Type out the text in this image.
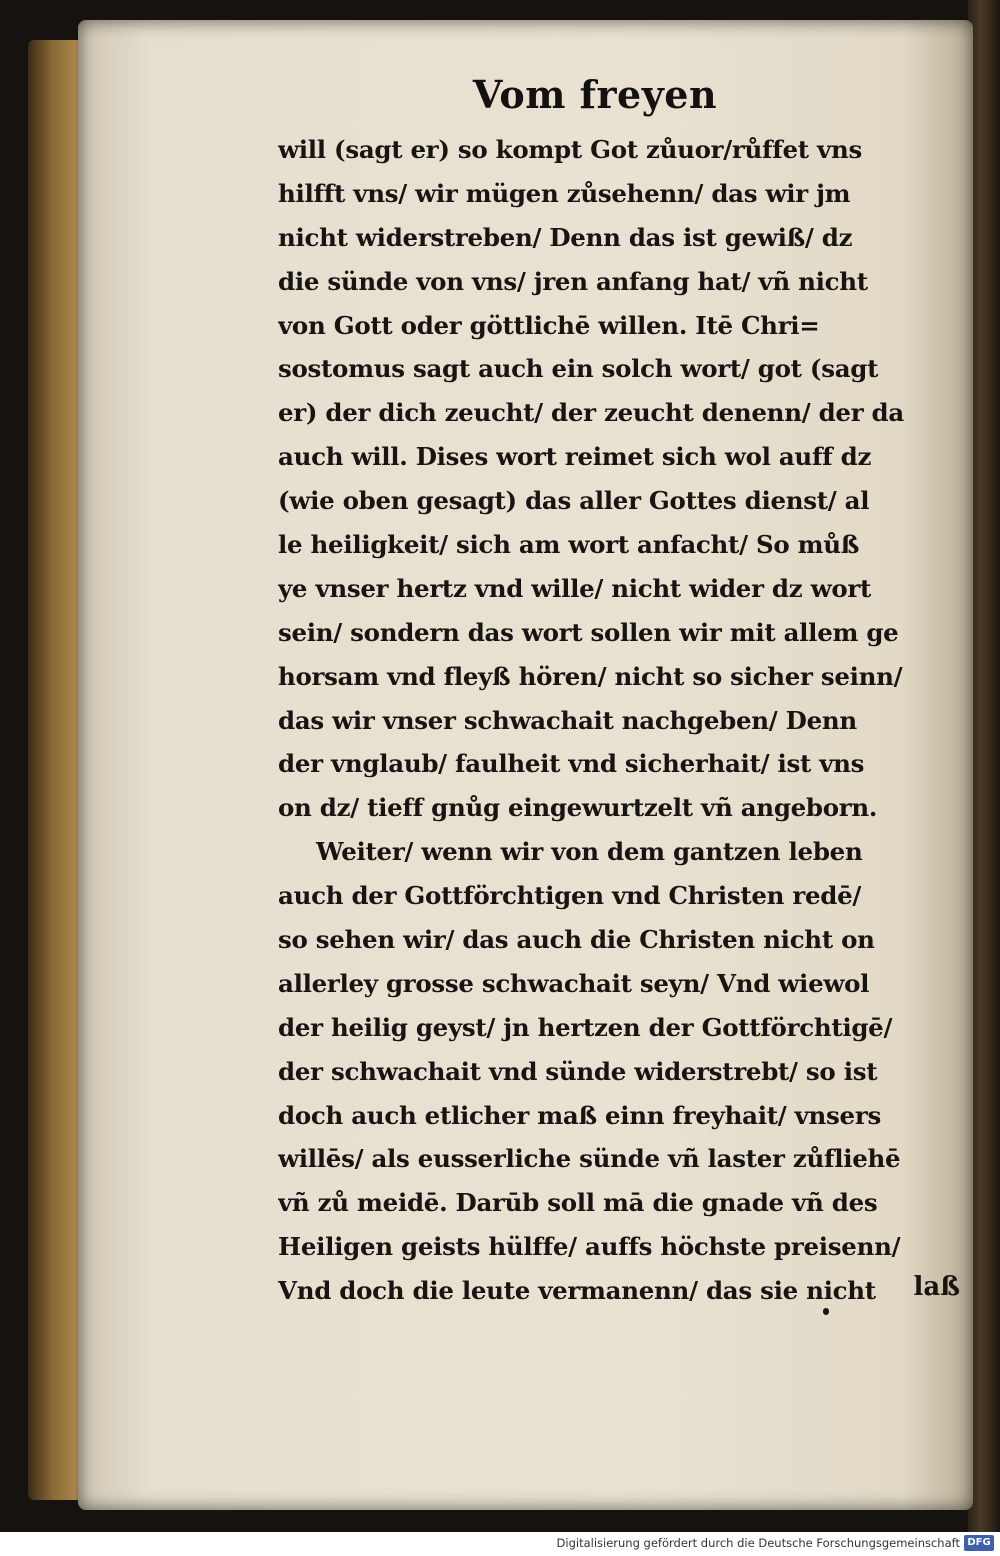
Vom freyen
will (sagt er) so kompt Got zůuor/růffet vns
hilfft vns/ wir mügen zůsehenn/ das wir jm
nicht widerstreben/ Denn das ist gewiß/ dz
die sünde von vns/ jren anfang hat/ vñ nicht
von Gott oder göttlichē willen. Itē Chri=
sostomus sagt auch ein solch wort/ got (sagt
er) der dich zeucht/ der zeucht denenn/ der da
auch will. Dises wort reimet sich wol auff dz
(wie oben gesagt) das aller Gottes dienst/ al
le heiligkeit/ sich am wort anfacht/ So můß
ye vnser hertz vnd wille/ nicht wider dz wort
sein/ sondern das wort sollen wir mit allem ge
horsam vnd fleyß hören/ nicht so sicher seinn/
das wir vnser schwachait nachgeben/ Denn
der vnglaub/ faulheit vnd sicherhait/ ist vns
on dz/ tieff gnůg eingewurtzelt vñ angeborn.
Weiter/ wenn wir von dem gantzen leben
auch der Gottförchtigen vnd Christen redē/
so sehen wir/ das auch die Christen nicht on
allerley grosse schwachait seyn/ Vnd wiewol
der heilig geyst/ jn hertzen der Gottförchtigē/
der schwachait vnd sünde widerstrebt/ so ist
doch auch etlicher maß einn freyhait/ vnsers
willēs/ als eusserliche sünde vñ laster zůfliehē
vñ zů meidē. Darūb soll mā die gnade vñ des
Heiligen geists hülffe/ auffs höchste preisenn/
Vnd doch die leute vermanenn/ das sie nicht	laß
Digitalisierung gefördert durch die Deutsche Forschungsgemeinschaft DFG
